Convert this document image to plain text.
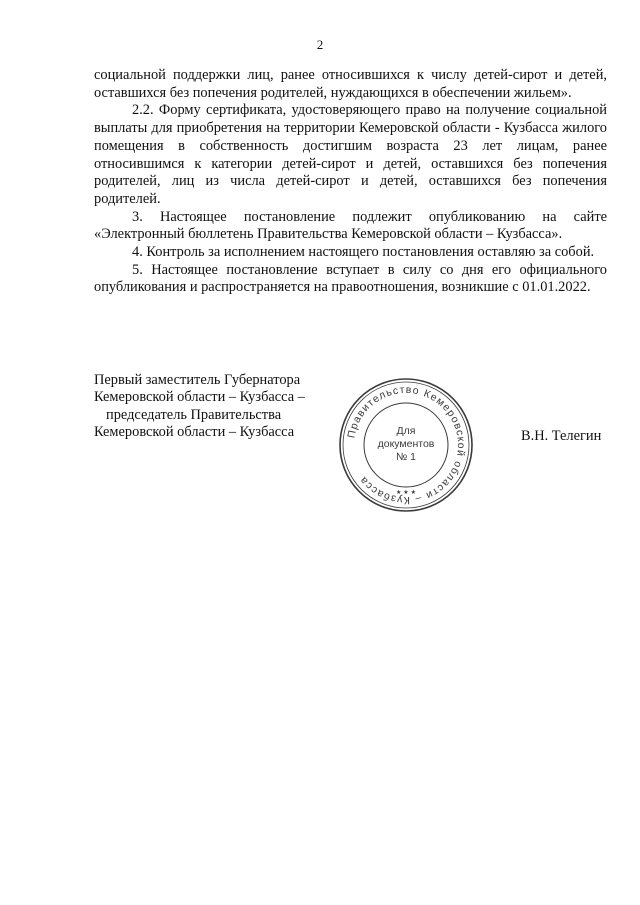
2

социальной поддержки лиц, ранее относившихся к числу детей-сирот и детей, оставшихся без попечения родителей, нуждающихся в обеспечении жильем».

2.2. Форму сертификата, удостоверяющего право на получение социальной выплаты для приобретения на территории Кемеровской области - Кузбасса жилого помещения в собственность достигшим возраста 23 лет лицам, ранее относившимся к категории детей-сирот и детей, оставшихся без попечения родителей, лиц из числа детей-сирот и детей, оставшихся без попечения родителей.

3. Настоящее постановление подлежит опубликованию на сайте «Электронный бюллетень Правительства Кемеровской области – Кузбасса».

4. Контроль за исполнением настоящего постановления оставляю за собой.

5. Настоящее постановление вступает в силу со дня его официального опубликования и распространяется на правоотношения, возникшие с 01.01.2022.

Первый заместитель Губернатора
Кемеровской области – Кузбасса –
председатель Правительства
Кемеровской области – Кузбасса	Правительство Кемеровской области – Кузбасса
★ ★ ★
Для
документов
№ 1
В.Н. Телегин
